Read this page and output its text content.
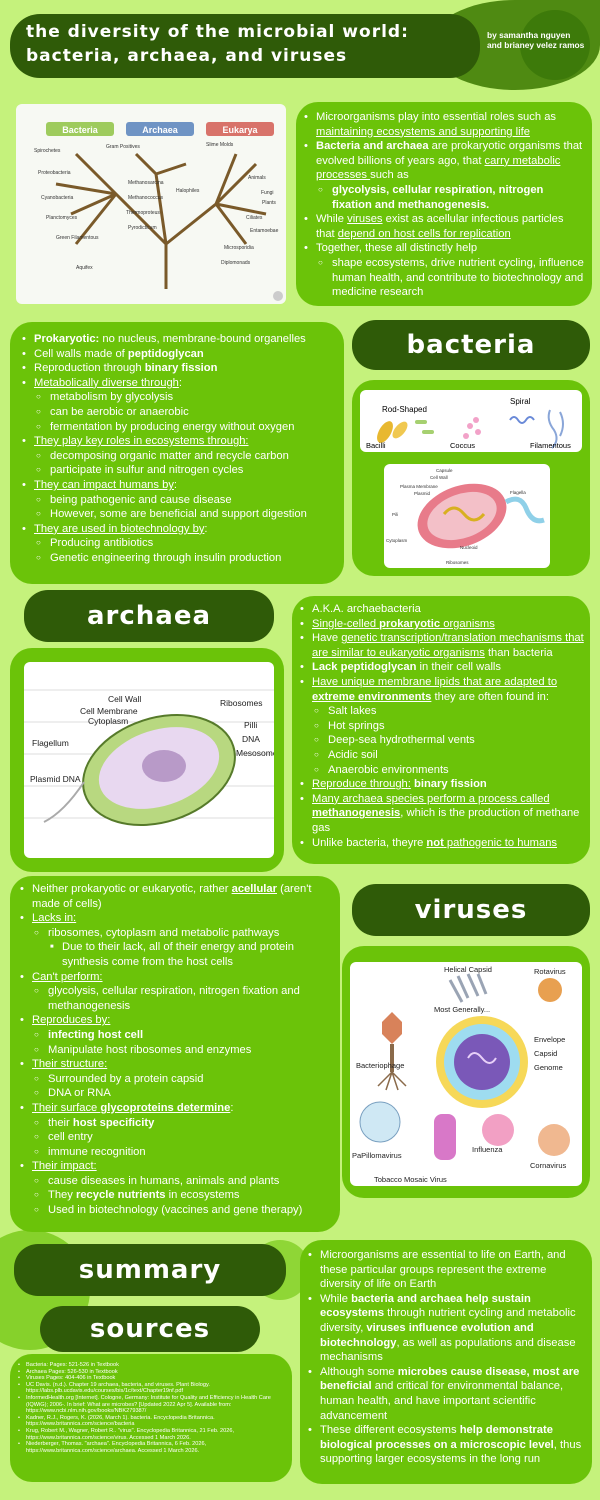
the diversity of the microbial world:
bacteria, archaea, and viruses
by samantha nguyen and brianey velez ramos
Bacteria	Archaea	Eukarya
Spirochetes
Gram Positives
Proteobacteria
Cyanobacteria
Planctomyces
Green Filamentous
Aquifex
Methanosarcina
Methanococcus
Thermoproteus
Pyrodicticum
Halophiles
Slime Molds
Animals
Fungi
Plants
Ciliates
Entamoebae
Microsporidia
Diplomonads
• Microorganisms play into essential roles such as maintaining ecosystems and supporting life
• Bacteria and archaea are prokaryotic organisms that evolved billions of years ago, that carry metabolic processes such as
○ glycolysis, cellular respiration, nitrogen fixation and methanogenesis.
• While viruses exist as acellular infectious particles that depend on host cells for replication
• Together, these all distinctly help
○ shape ecosystems, drive nutrient cycling, influence human health, and contribute to biotechnology and medicine research
• Prokaryotic: no nucleus, membrane-bound organelles
• Cell walls made of peptidoglycan
• Reproduction through binary fission
• Metabolically diverse through:
○ metabolism by glycolysis
○ can be aerobic or anaerobic
○ fermentation by producing energy without oxygen
• They play key roles in ecosystems through:
○ decomposing organic matter and recycle carbon
○ participate in sulfur and nitrogen cycles
• They can impact humans by:
○ being pathogenic and cause disease
○ However, some are beneficial and support digestion
• They are used in biotechnology by:
○ Producing antibiotics
○ Genetic engineering through insulin production
bacteria
Rod-Shaped
Spiral
Bacilli	Coccus	Filamentous
Capsule
Cell Wall
Plasma Membrane
Plasmid
Pili
Cytoplasm
Nucleoid
Ribosomes
Flagella
archaea
Cell Wall
Cell Membrane
Cytoplasm
Flagellum
Plasmid DNA
Ribosomes
Pilli
DNA
Mesosome
• A.K.A. archaebacteria
• Single-celled prokaryotic organisms
• Have genetic transcription/translation mechanisms that are similar to eukaryotic organisms than bacteria
• Lack peptidoglycan in their cell walls
• Have unique membrane lipids that are adapted to extreme environments they are often found in:
○ Salt lakes
○ Hot springs
○ Deep-sea hydrothermal vents
○ Acidic soil
○ Anaerobic environments
• Reproduce through: binary fission
• Many archaea species perform a process called methanogenesis, which is the production of methane gas
• Unlike bacteria, theyre not pathogenic to humans
• Neither prokaryotic or eukaryotic, rather acellular (aren't made of cells)
• Lacks in:
○ ribosomes, cytoplasm and metabolic pathways
■ Due to their lack, all of their energy and protein synthesis come from the host cells
• Can't perform:
○ glycolysis, cellular respiration, nitrogen fixation and methanogenesis
• Reproduces by:
○ infecting host cell
○ Manipulate host ribosomes and enzymes
• Their structure:
○ Surrounded by a protein capsid
○ DNA or RNA
• Their surface glycoproteins determine:
○ their host specificity
○ cell entry
○ immune recognition
• Their impact:
○ cause diseases in humans, animals and plants
○ They recycle nutrients in ecosystems
○ Used in biotechnology (vaccines and gene therapy)
viruses
Helical Capsid	Rotavirus
Most Generally...
Envelope
Capsid
Genome
Bacteriophage
PaPillomavirus
Influenza
Cornavirus
Tobacco Mosaic Virus
summary
sources
• Bacteria: Pages: 521-526 in Textbook
• Archaea Pages: 526-530 in Textbook
• Viruses Pages: 404-406 in Textbook
• UC Davis. (n.d.). Chapter 19 archaea, bacteria, and viruses. Plant Biology. https://labs.plb.ucdavis.edu/courses/bis/1c/text/Chapter19nf.pdf
• InformedHealth.org [Internet]. Cologne, Germany: Institute for Quality and Efficiency in Health Care (IQWiG); 2006-. In brief: What are microbes? [Updated 2022 Apr 5]. Available from: https://www.ncbi.nlm.nih.gov/books/NBK279387/
• Kadner, R.J., Rogers, K. (2026, March 1). bacteria. Encyclopedia Britannica. https://www.britannica.com/science/bacteria
• Krug, Robert M., Wagner, Robert R.. "virus". Encyclopedia Britannica, 21 Feb. 2026, https://www.britannica.com/science/virus. Accessed 1 March 2026.
• Niederberger, Thomas. "archaea". Encyclopedia Britannica, 6 Feb. 2026, https://www.britannica.com/science/archaea. Accessed 1 March 2026.
• Microorganisms are essential to life on Earth, and these particular groups represent the extreme diversity of life on Earth
• While bacteria and archaea help sustain ecosystems through nutrient cycling and metabolic diversity, viruses influence evolution and biotechnology, as well as populations and disease mechanisms
• Although some microbes cause disease, most are beneficial and critical for environmental balance, human health, and have important scientific advancement
• These different ecosystems help demonstrate biological processes on a microscopic level, thus supporting larger ecosystems in the long run
